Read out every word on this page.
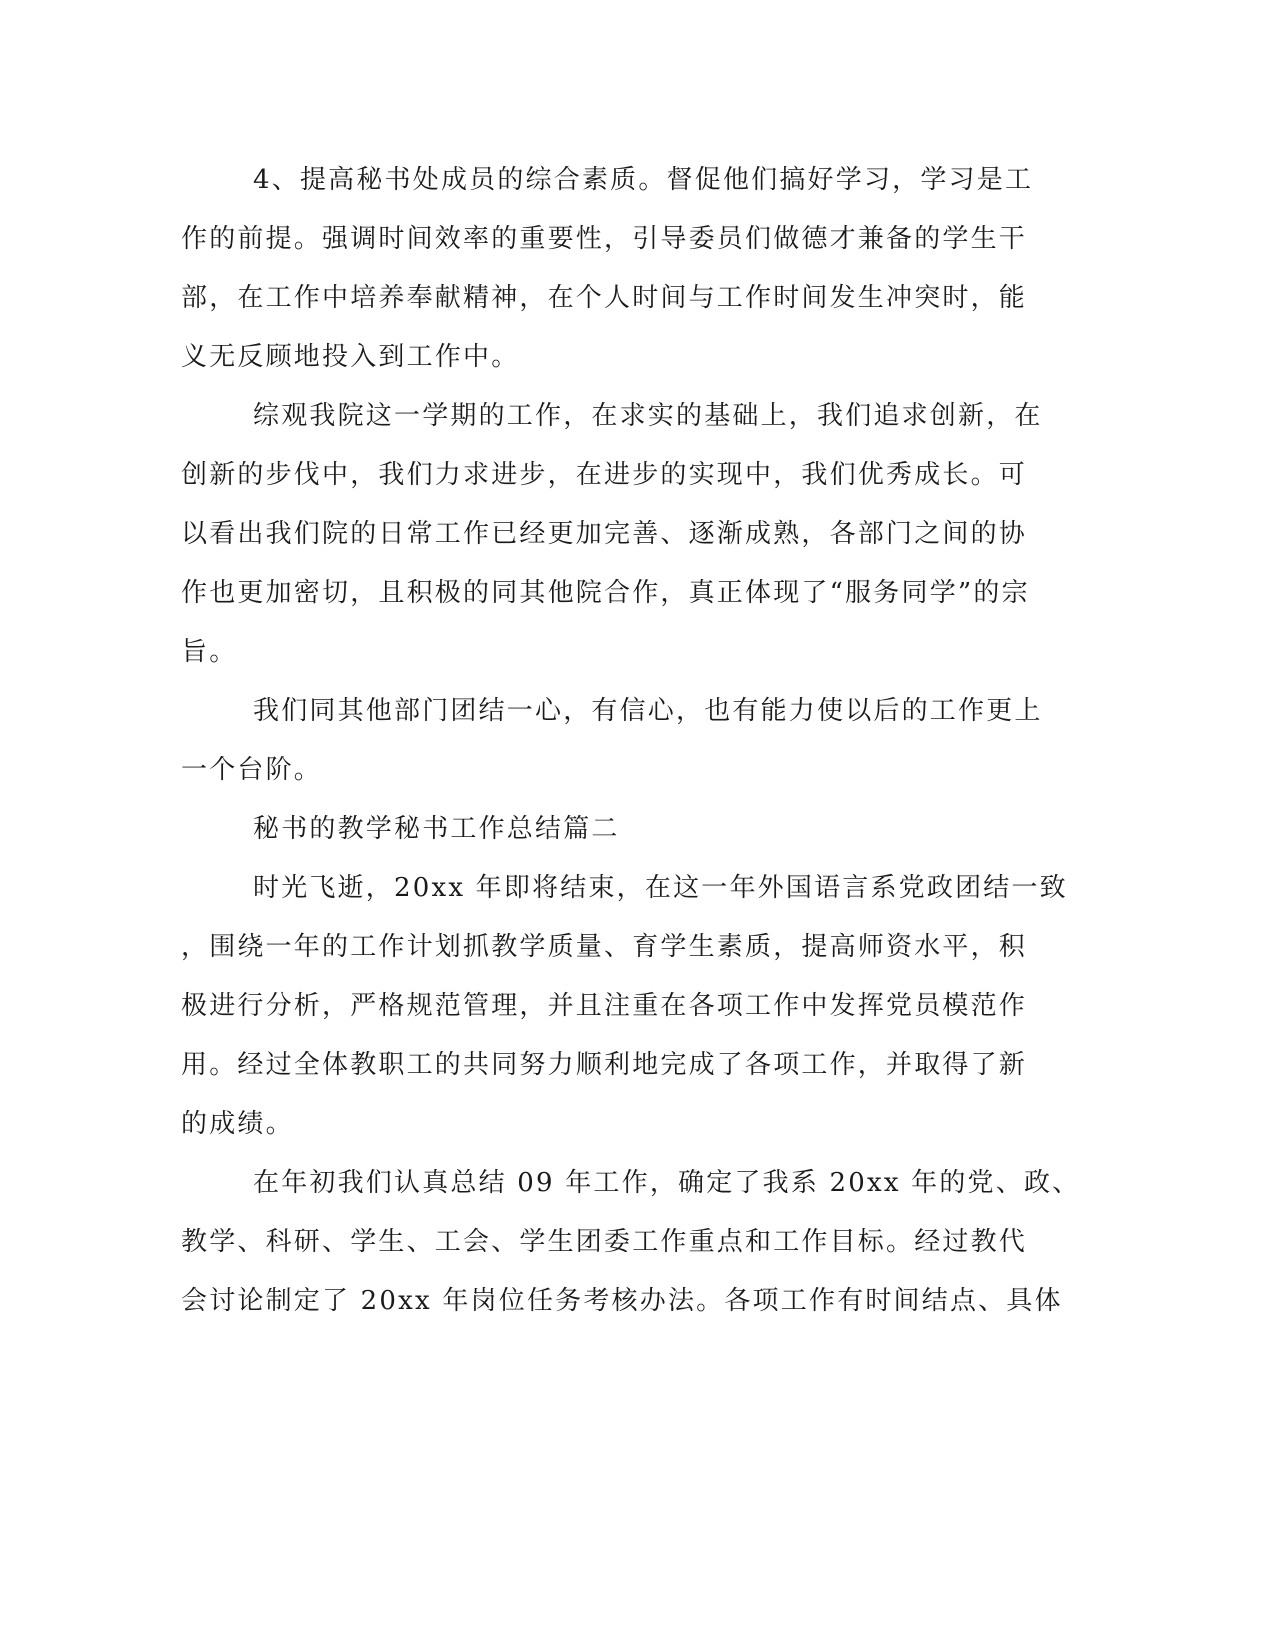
4、提高秘书处成员的综合素质。督促他们搞好学习，学习是工

作的前提。强调时间效率的重要性，引导委员们做德才兼备的学生干

部，在工作中培养奉献精神，在个人时间与工作时间发生冲突时，能

义无反顾地投入到工作中。

综观我院这一学期的工作，在求实的基础上，我们追求创新，在

创新的步伐中，我们力求进步，在进步的实现中，我们优秀成长。可

以看出我们院的日常工作已经更加完善、逐渐成熟，各部门之间的协

作也更加密切，且积极的同其他院合作，真正体现了“服务同学”的宗

旨。

我们同其他部门团结一心，有信心，也有能力使以后的工作更上

一个台阶。

秘书的教学秘书工作总结篇二

时光飞逝，20xx 年即将结束，在这一年外国语言系党政团结一致

，围绕一年的工作计划抓教学质量、育学生素质，提高师资水平，积

极进行分析，严格规范管理，并且注重在各项工作中发挥党员模范作

用。经过全体教职工的共同努力顺利地完成了各项工作，并取得了新

的成绩。

在年初我们认真总结 09 年工作，确定了我系 20xx 年的党、政、

教学、科研、学生、工会、学生团委工作重点和工作目标。经过教代

会讨论制定了 20xx 年岗位任务考核办法。各项工作有时间结点、具体
